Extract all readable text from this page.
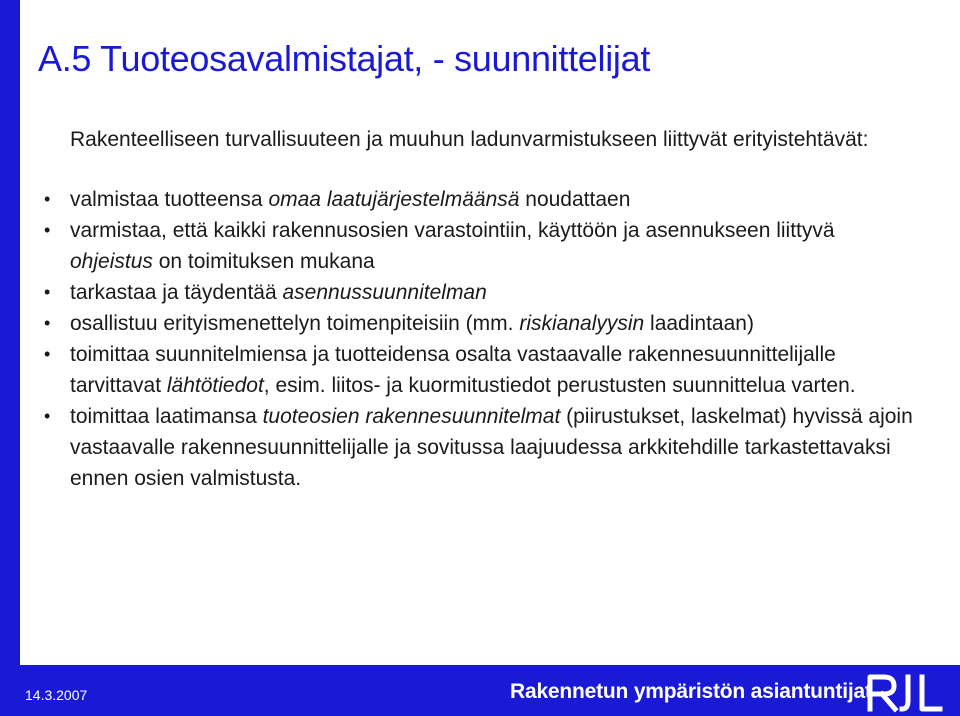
A.5 Tuoteosavalmistajat, - suunnittelijat

Rakenteelliseen turvallisuuteen ja muuhun ladunvarmistukseen liittyvät erityistehtävät:

• valmistaa tuotteensa omaa laatujärjestelmäänsä noudattaen
• varmistaa, että kaikki rakennusosien varastointiin, käyttöön ja asennukseen liittyvä ohjeistus on toimituksen mukana
• tarkastaa ja täydentää asennussuunnitelman
• osallistuu erityismenettelyn toimenpiteisiin (mm. riskianalyysin laadintaan)
• toimittaa suunnitelmiensa ja tuotteidensa osalta vastaavalle rakennesuunnittelijalle tarvittavat lähtötiedot, esim. liitos- ja kuormitustiedot perustusten suunnittelua varten.
• toimittaa laatimansa tuoteosien rakennesuunnitelmat (piirustukset, laskelmat) hyvissä ajoin vastaavalle rakennesuunnittelijalle ja sovitussa laajuudessa arkkitehdille tarkastettavaksi ennen osien valmistusta.
14.3.2007	Rakennetun ympäristön asiantuntijat
